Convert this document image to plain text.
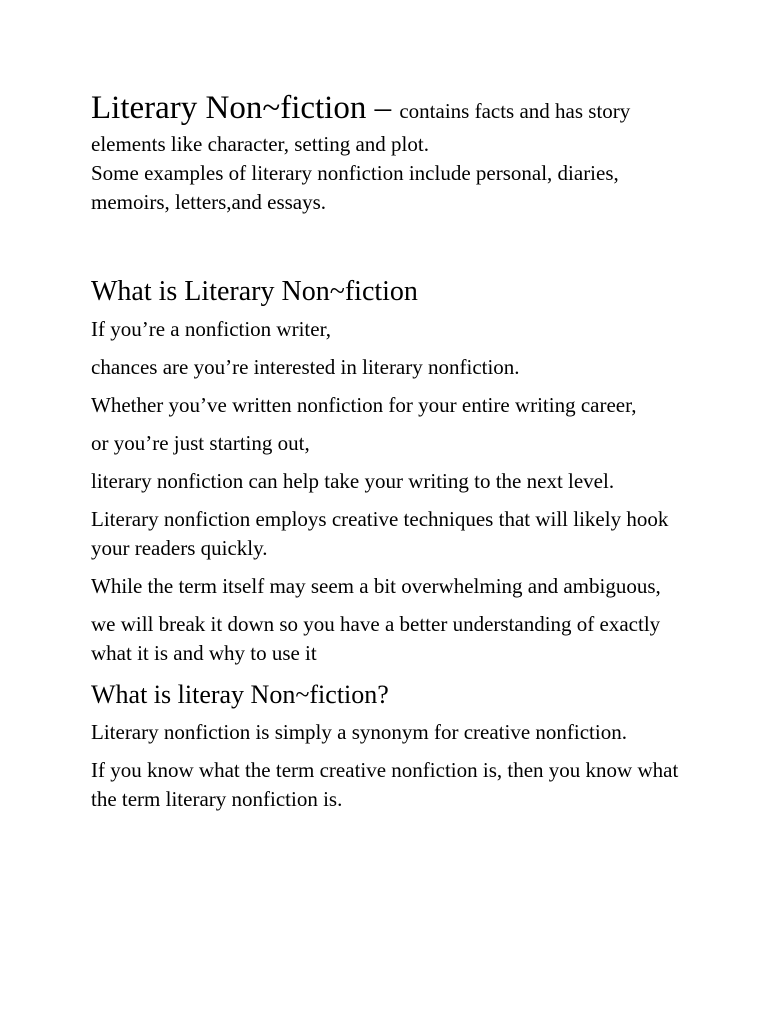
Literary Non~fiction – contains facts and has story

elements like character, setting and plot.

Some examples of literary nonfiction include personal, diaries,

memoirs, letters,and essays.

What is Literary Non~fiction

If you’re a nonfiction writer,

chances are you’re interested in literary nonfiction.

Whether you’ve written nonfiction for your entire writing career,

or you’re just starting out,

literary nonfiction can help take your writing to the next level.

Literary nonfiction employs creative techniques that will likely hook your readers quickly.

While the term itself may seem a bit overwhelming and ambiguous,

we will break it down so you have a better understanding of exactly what it is and why to use it

What is literay Non~fiction?

Literary nonfiction is simply a synonym for creative nonfiction.

If you know what the term creative nonfiction is, then you know what the term literary nonfiction is.
